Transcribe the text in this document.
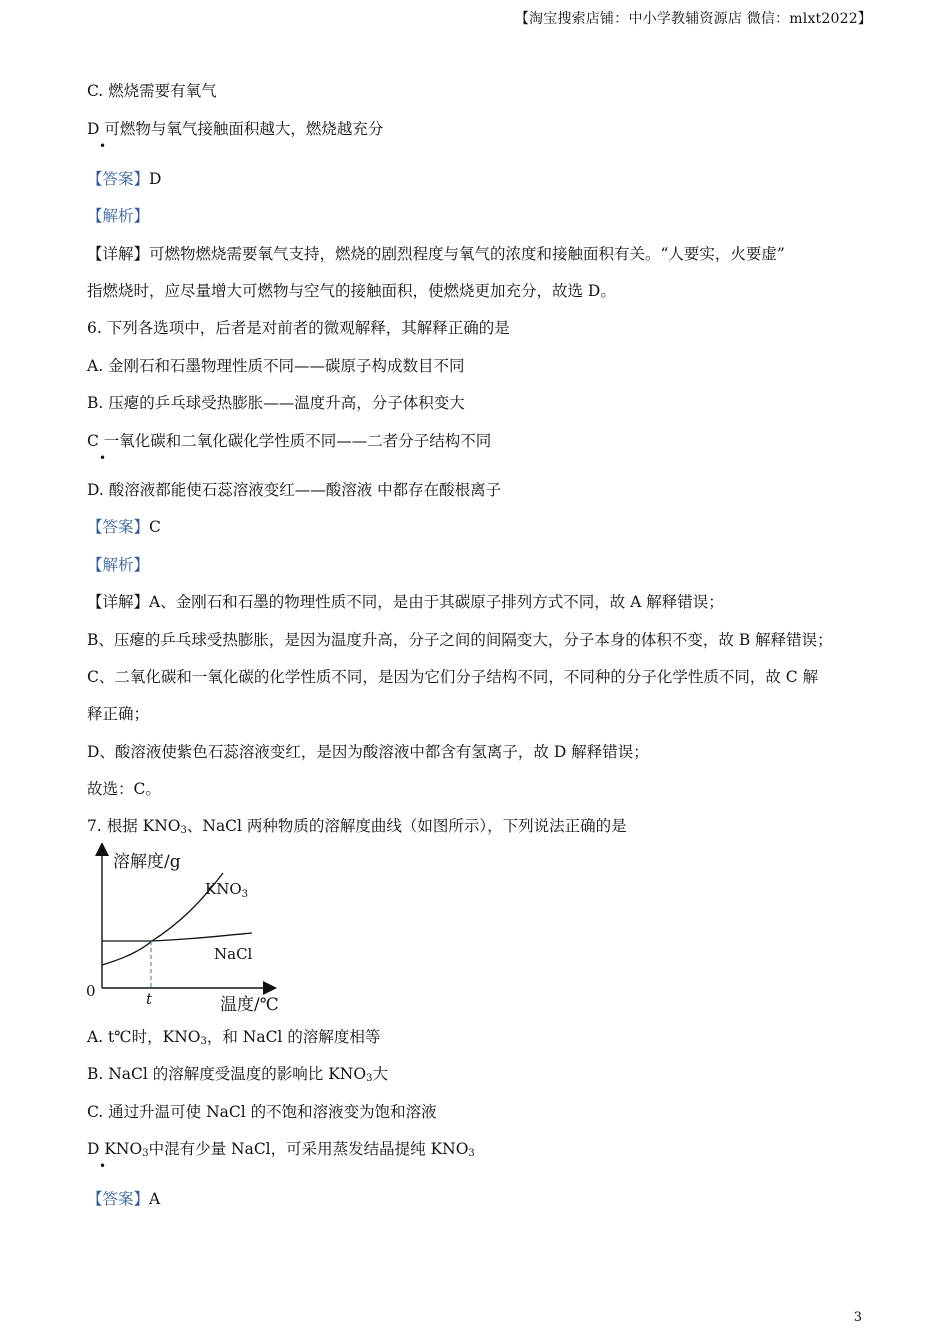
【淘宝搜索店铺：中小学教辅资源店 微信：mlxt2022】
C. 燃烧需要有氧气
D 可燃物与氧气接触面积越大，燃烧越充分
•
【答案】D
【解析】
【详解】可燃物燃烧需要氧气支持，燃烧的剧烈程度与氧气的浓度和接触面积有关。“人要实，火要虚”
指燃烧时，应尽量增大可燃物与空气的接触面积，使燃烧更加充分，故选 D。
6. 下列各选项中，后者是对前者的微观解释，其解释正确的是
A. 金刚石和石墨物理性质不同——碳原子构成数目不同
B. 压瘪的乒乓球受热膨胀——温度升高，分子体积变大
C 一氧化碳和二氧化碳化学性质不同——二者分子结构不同
•
D. 酸溶液都能使石蕊溶液变红——酸溶液 中都存在酸根离子
【答案】C
【解析】
【详解】A、金刚石和石墨的物理性质不同，是由于其碳原子排列方式不同，故 A 解释错误；
B、压瘪的乒乓球受热膨胀，是因为温度升高，分子之间的间隔变大，分子本身的体积不变，故 B 解释错误；
C、二氧化碳和一氧化碳的化学性质不同，是因为它们分子结构不同，不同种的分子化学性质不同，故 C 解
释正确；
D、酸溶液使紫色石蕊溶液变红，是因为酸溶液中都含有氢离子，故 D 解释错误；
故选：C。
7. 根据 $KNO_3$、NaCl 两种物质的溶解度曲线（如图所示），下列说法正确的是
溶解度/g
$KNO_3$
NaCl
0	t	温度/℃
A. t℃时，$KNO_3$，和 NaCl 的溶解度相等
B. NaCl 的溶解度受温度的影响比 $KNO_3$大
C. 通过升温可使 NaCl 的不饱和溶液变为饱和溶液
D $KNO_3$中混有少量 NaCl，可采用蒸发结晶提纯 $KNO_3$
•
【答案】A
3
